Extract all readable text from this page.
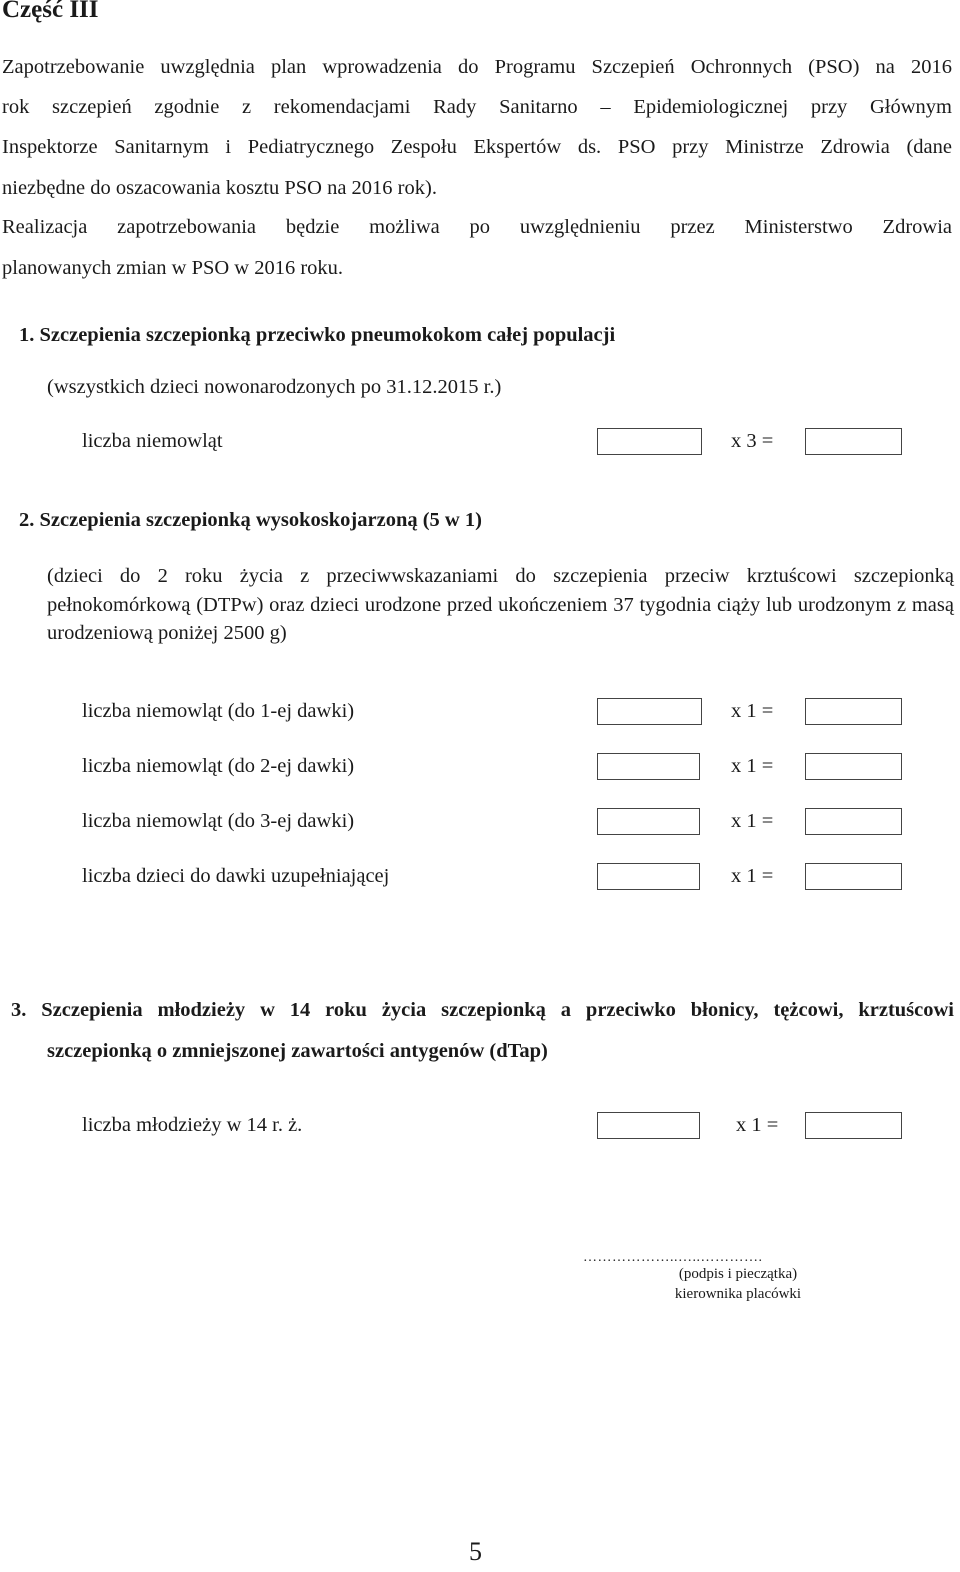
Część III
Zapotrzebowanie uwzględnia plan wprowadzenia do Programu Szczepień Ochronnych (PSO) na 2016
rok szczepień zgodnie z rekomendacjami Rady Sanitarno – Epidemiologicznej przy Głównym
Inspektorze Sanitarnym i Pediatrycznego Zespołu Ekspertów ds. PSO przy Ministrze Zdrowia (dane
niezbędne do oszacowania kosztu PSO na 2016 rok).
Realizacja zapotrzebowania będzie możliwa po uwzględnieniu przez Ministerstwo Zdrowia
planowanych zmian w PSO w 2016 roku.
1. Szczepienia szczepionką przeciwko pneumokokom całej populacji
(wszystkich dzieci nowonarodzonych po 31.12.2015 r.)
liczba niemowląt	x 3 =
2. Szczepienia szczepionką wysokoskojarzoną (5 w 1)
(dzieci do 2 roku życia z przeciwwskazaniami do szczepienia przeciw krztuścowi szczepionką pełnokomórkową (DTPw) oraz dzieci urodzone przed ukończeniem 37 tygodnia ciąży lub urodzonym z masą urodzeniową poniżej 2500 g)
liczba niemowląt (do 1-ej dawki)	x 1 =
liczba niemowląt (do 2-ej dawki)	x 1 =
liczba niemowląt (do 3-ej dawki)	x 1 =
liczba dzieci do dawki uzupełniającej	x 1 =
3. Szczepienia młodzieży w 14 roku życia szczepionką a przeciwko błonicy, tężcowi, krztuścowi
szczepionką o zmniejszonej zawartości antygenów (dTap)
liczba młodzieży w 14 r. ż.	x 1 =
………………..…..………….
(podpis i pieczątka)
kierownika placówki
5
